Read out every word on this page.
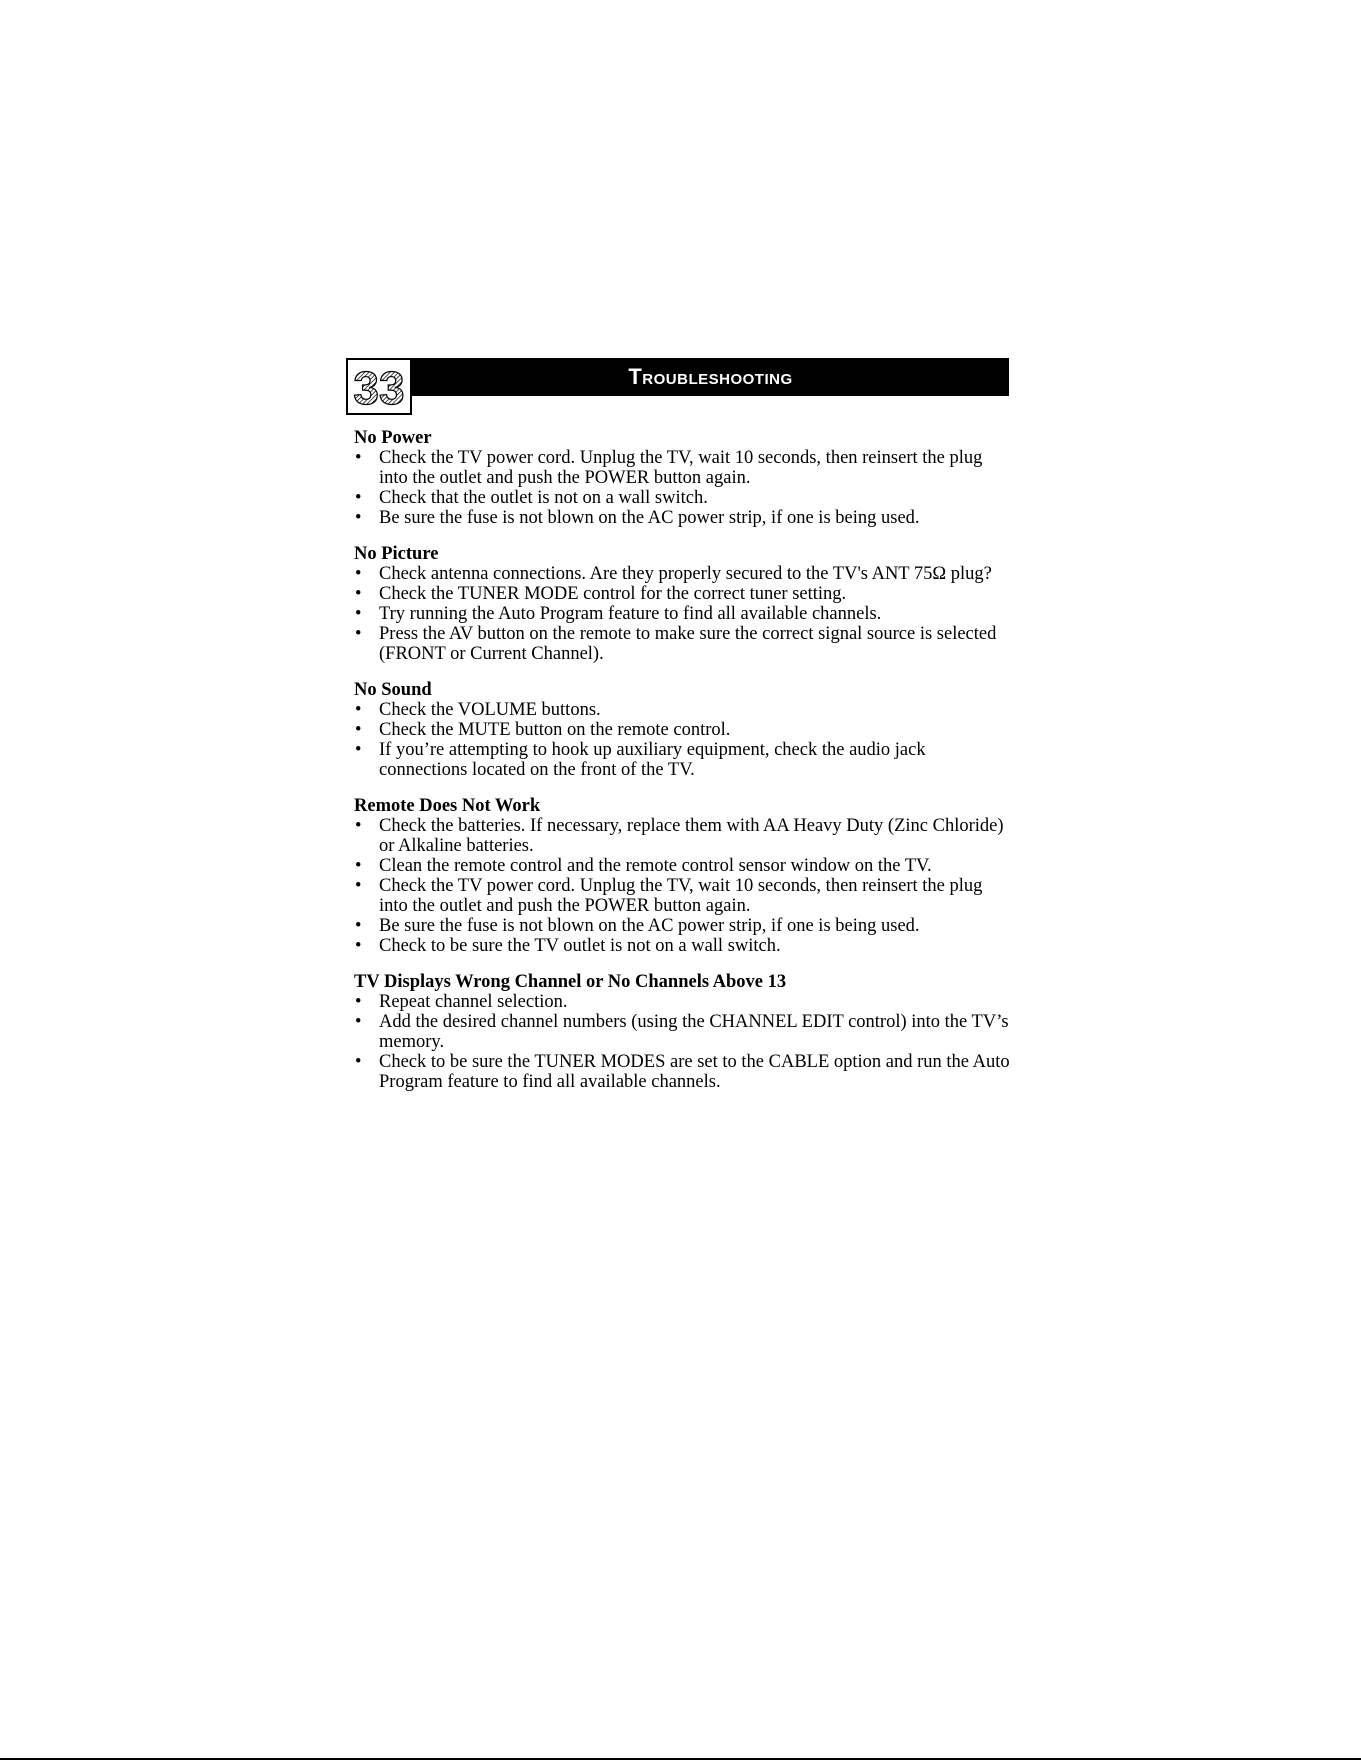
33	troubleshooting
No Power
• Check the TV power cord. Unplug the TV, wait 10 seconds, then reinsert the plug into the outlet and push the POWER button again.
• Check that the outlet is not on a wall switch.
• Be sure the fuse is not blown on the AC power strip, if one is being used.
No Picture
• Check antenna connections. Are they properly secured to the TV's ANT 75Ω plug?
• Check the TUNER MODE control for the correct tuner setting.
• Try running the Auto Program feature to find all available channels.
• Press the AV button on the remote to make sure the correct signal source is selected (FRONT or Current Channel).
No Sound
• Check the VOLUME buttons.
• Check the MUTE button on the remote control.
• If you’re attempting to hook up auxiliary equipment, check the audio jack connections located on the front of the TV.
Remote Does Not Work
• Check the batteries. If necessary, replace them with AA Heavy Duty (Zinc Chloride) or Alkaline batteries.
• Clean the remote control and the remote control sensor window on the TV.
• Check the TV power cord. Unplug the TV, wait 10 seconds, then reinsert the plug into the outlet and push the POWER button again.
• Be sure the fuse is not blown on the AC power strip, if one is being used.
• Check to be sure the TV outlet is not on a wall switch.
TV Displays Wrong Channel or No Channels Above 13
• Repeat channel selection.
• Add the desired channel numbers (using the CHANNEL EDIT control) into the TV’s memory.
• Check to be sure the TUNER MODES are set to the CABLE option and run the Auto Program feature to find all available channels.
